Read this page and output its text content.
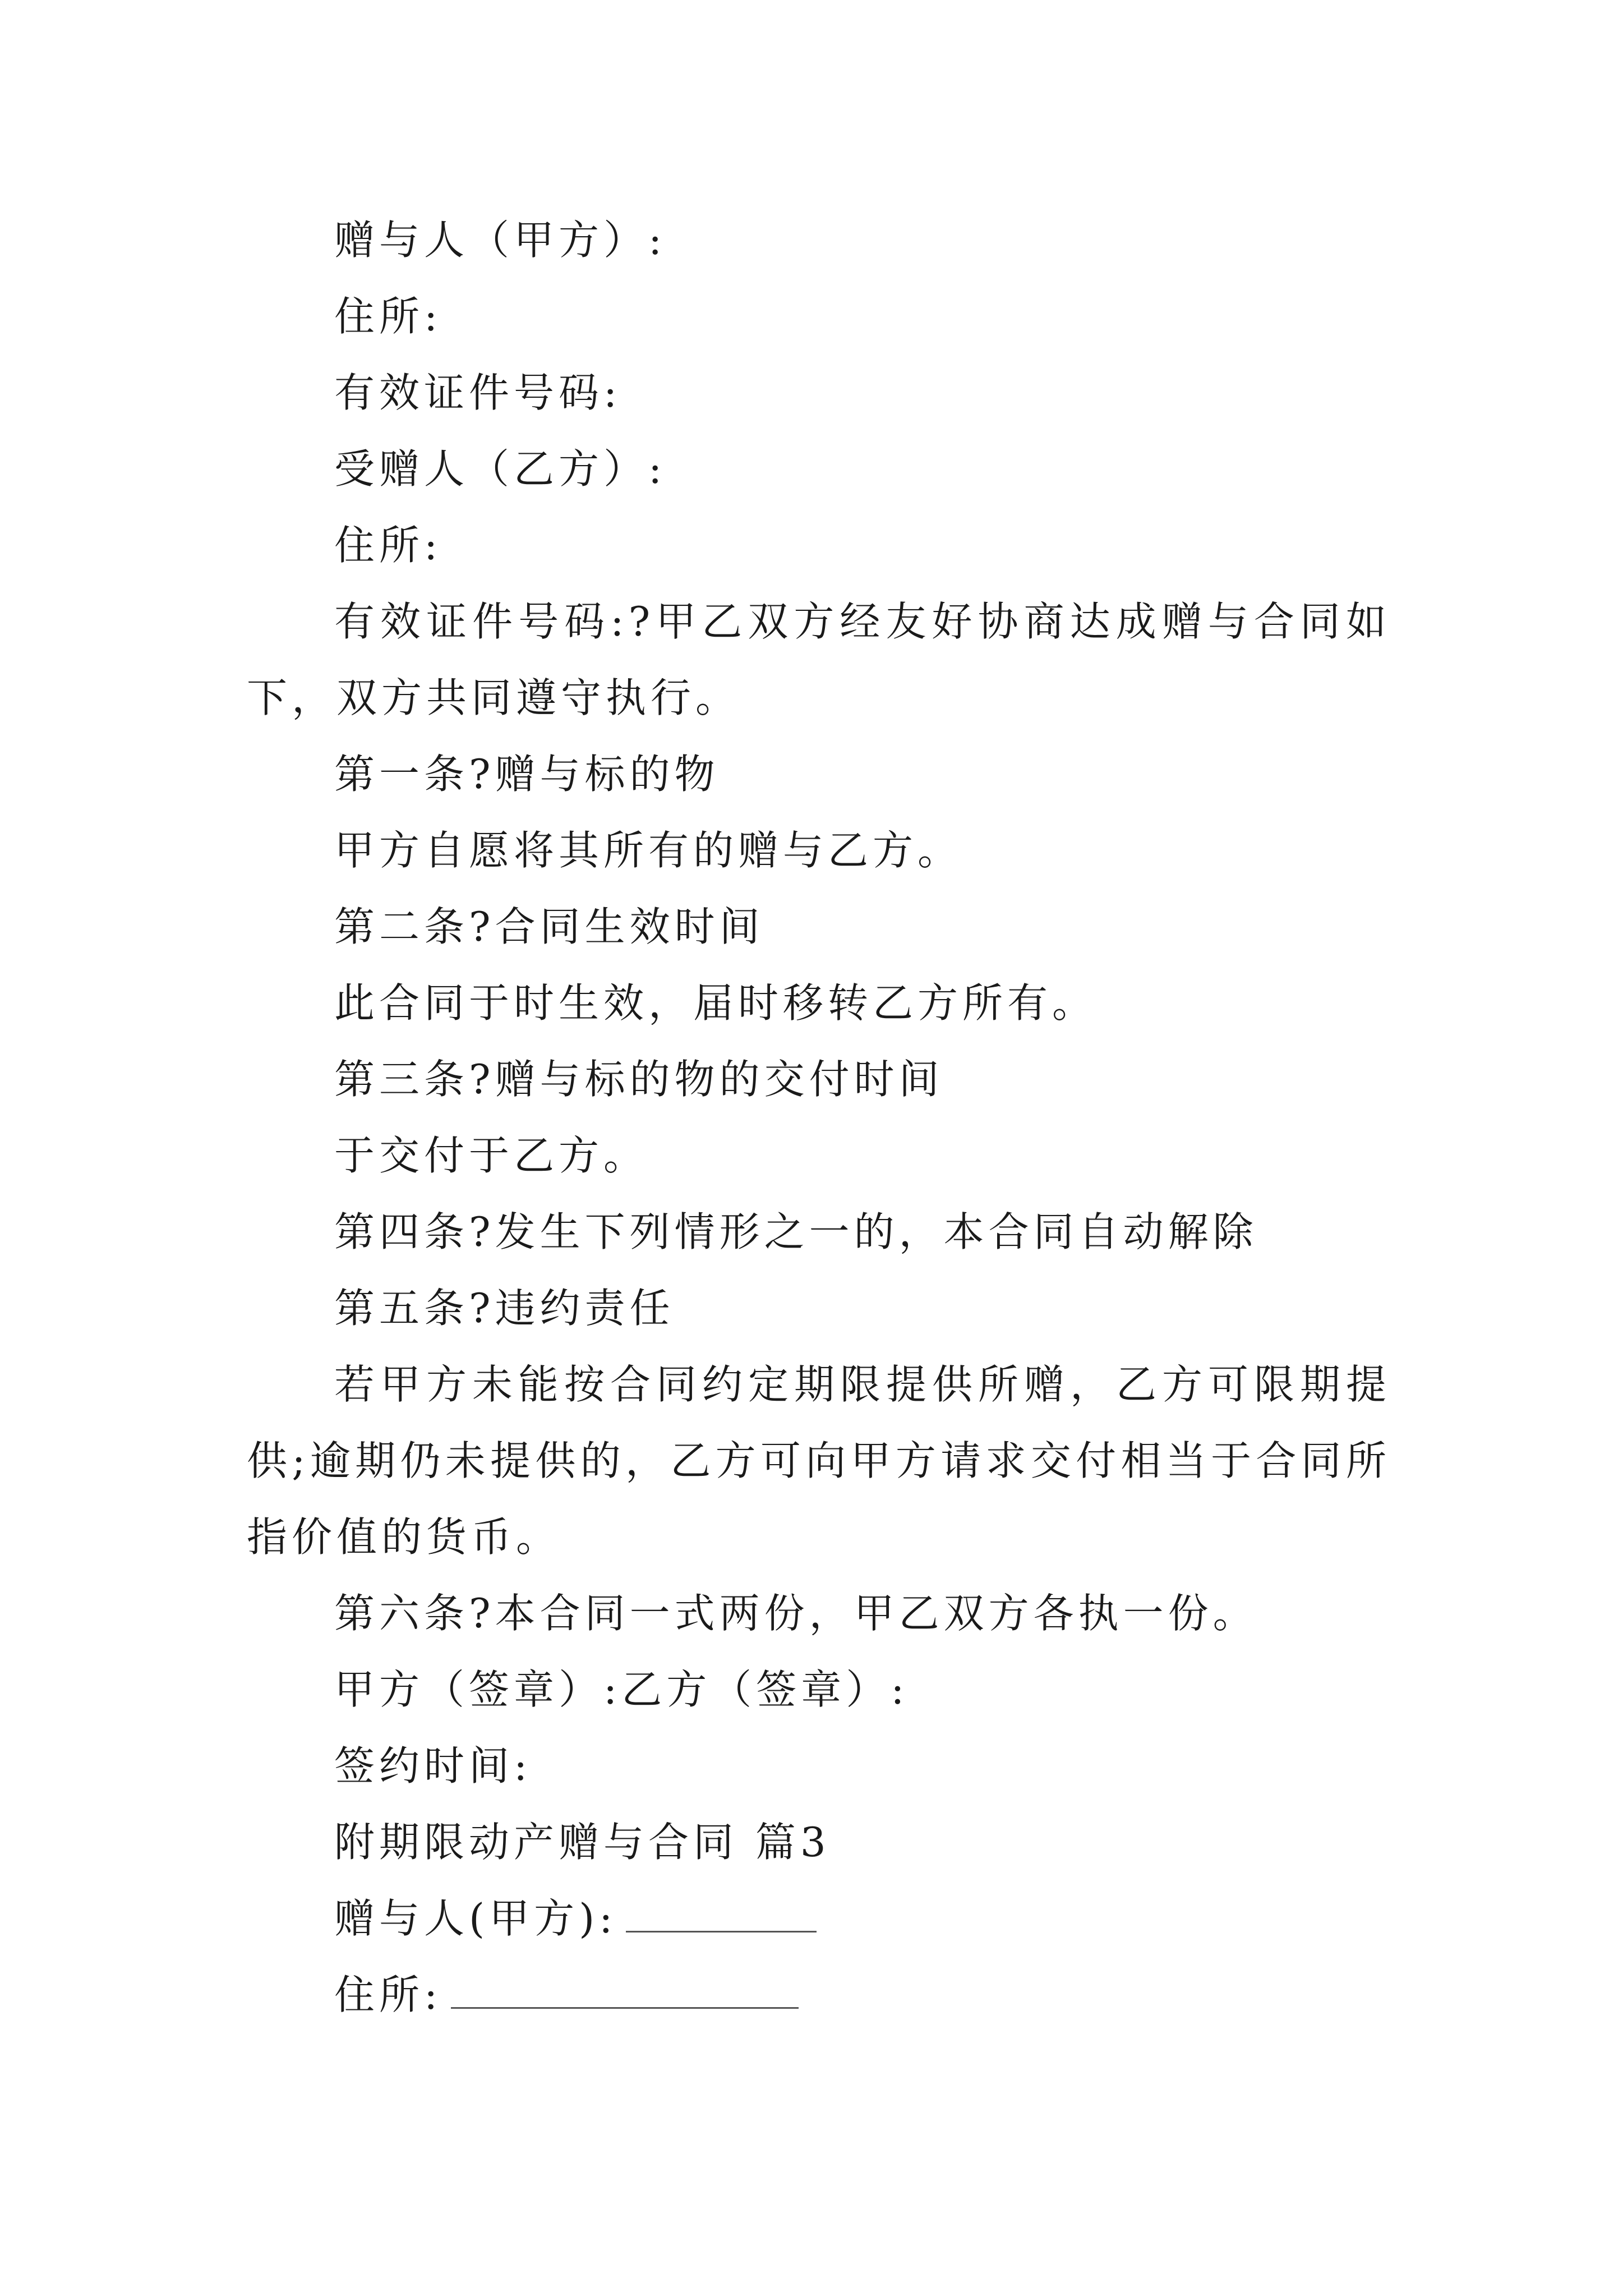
赠与人（甲方）:

住所:

有效证件号码:

受赠人（乙方）:

住所:

有效证件号码:?甲乙双方经友好协商达成赠与合同如下，双方共同遵守执行。

第一条?赠与标的物

甲方自愿将其所有的赠与乙方。

第二条?合同生效时间

此合同于时生效，届时移转乙方所有。

第三条?赠与标的物的交付时间

于交付于乙方。

第四条?发生下列情形之一的，本合同自动解除

第五条?违约责任

若甲方未能按合同约定期限提供所赠，乙方可限期提供;逾期仍未提供的，乙方可向甲方请求交付相当于合同所指价值的货币。

第六条?本合同一式两份，甲乙双方各执一份。

甲方（签章）:乙方（签章）:

签约时间:

附期限动产赠与合同 篇3

赠与人(甲方):

住所:
